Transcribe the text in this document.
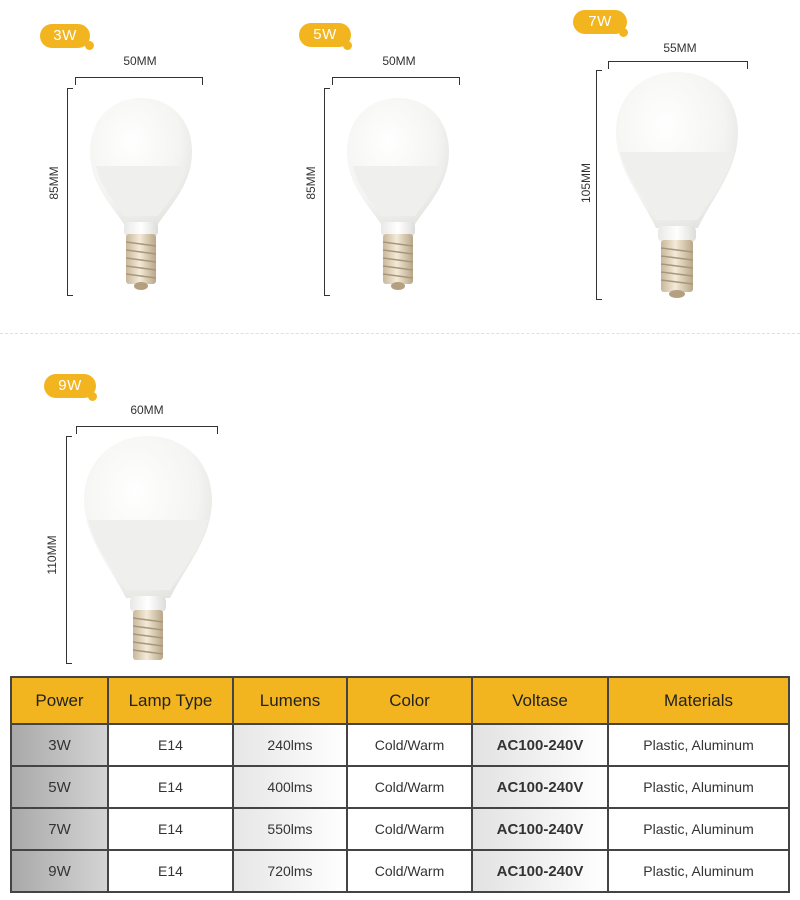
3W
50MM
85MM
5W
50MM
85MM
7W
55MM
105MM
9W
60MM
110MM
Power	Lamp Type	Lumens	Color	Voltase	Materials
3W	E14	240lms	Cold/Warm	AC100-240V	Plastic, Aluminum
5W	E14	400lms	Cold/Warm	AC100-240V	Plastic, Aluminum
7W	E14	550lms	Cold/Warm	AC100-240V	Plastic, Aluminum
9W	E14	720lms	Cold/Warm	AC100-240V	Plastic, Aluminum
